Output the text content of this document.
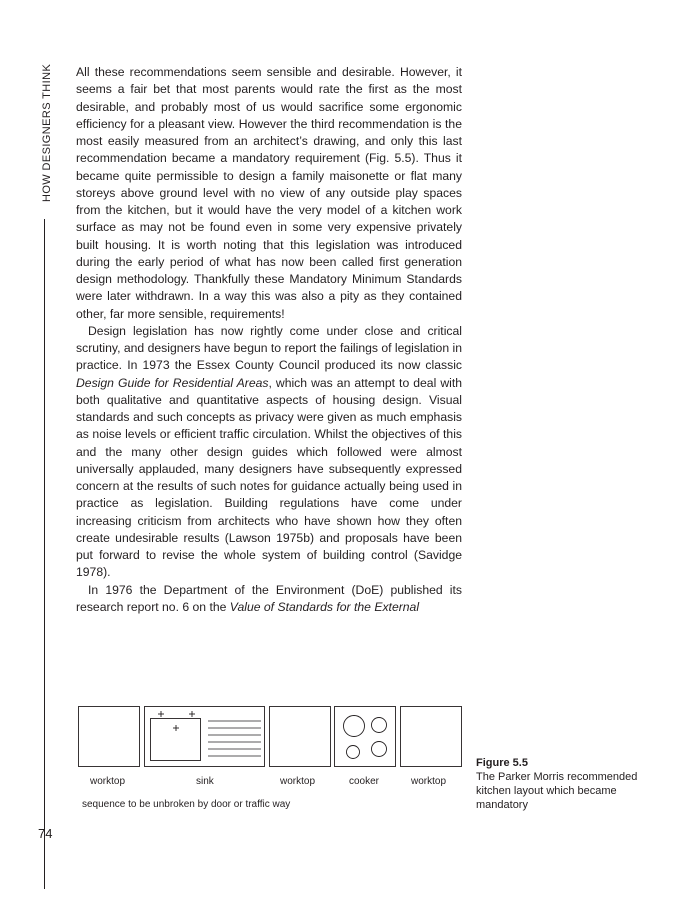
HOW DESIGNERS THINK	All these recommendations seem sensible and desirable. However, it seems a fair bet that most parents would rate the first as the most desirable, and probably most of us would sacrifice some ergonomic efficiency for a pleasant view. However the third recommendation is the most easily measured from an architect’s drawing, and only this last recommendation became a mandatory requirement (Fig. 5.5). Thus it became quite permissible to design a family maisonette or flat many storeys above ground level with no view of any outside play spaces from the kitchen, but it would have the very model of a kitchen work surface as may not be found even in some very expensive privately built housing. It is worth noting that this legislation was introduced during the early period of what has now been called first generation design methodology. Thankfully these Mandatory Minimum Standards were later withdrawn. In a way this was also a pity as they contained other, far more sensible, requirements!

Design legislation has now rightly come under close and critical scrutiny, and designers have begun to report the failings of legislation in practice. In 1973 the Essex County Council produced its now classic Design Guide for Residential Areas, which was an attempt to deal with both qualitative and quantitative aspects of housing design. Visual standards and such concepts as privacy were given as much emphasis as noise levels or efficient traffic circulation. Whilst the objectives of this and the many other design guides which followed were almost universally applauded, many designers have subsequently expressed concern at the results of such notes for guidance actually being used in practice as legislation. Building regulations have come under increasing criticism from architects who have shown how they often create undesirable results (Lawson 1975b) and proposals have been put forward to revise the whole system of building control (Savidge 1978).

In 1976 the Department of the Environment (DoE) published its research report no. 6 on the Value of Standards for the External

worktop	sink	worktop	cooker	worktop
sequence to be unbroken by door or traffic way
Figure 5.5
The Parker Morris recommended kitchen layout which became mandatory
74
